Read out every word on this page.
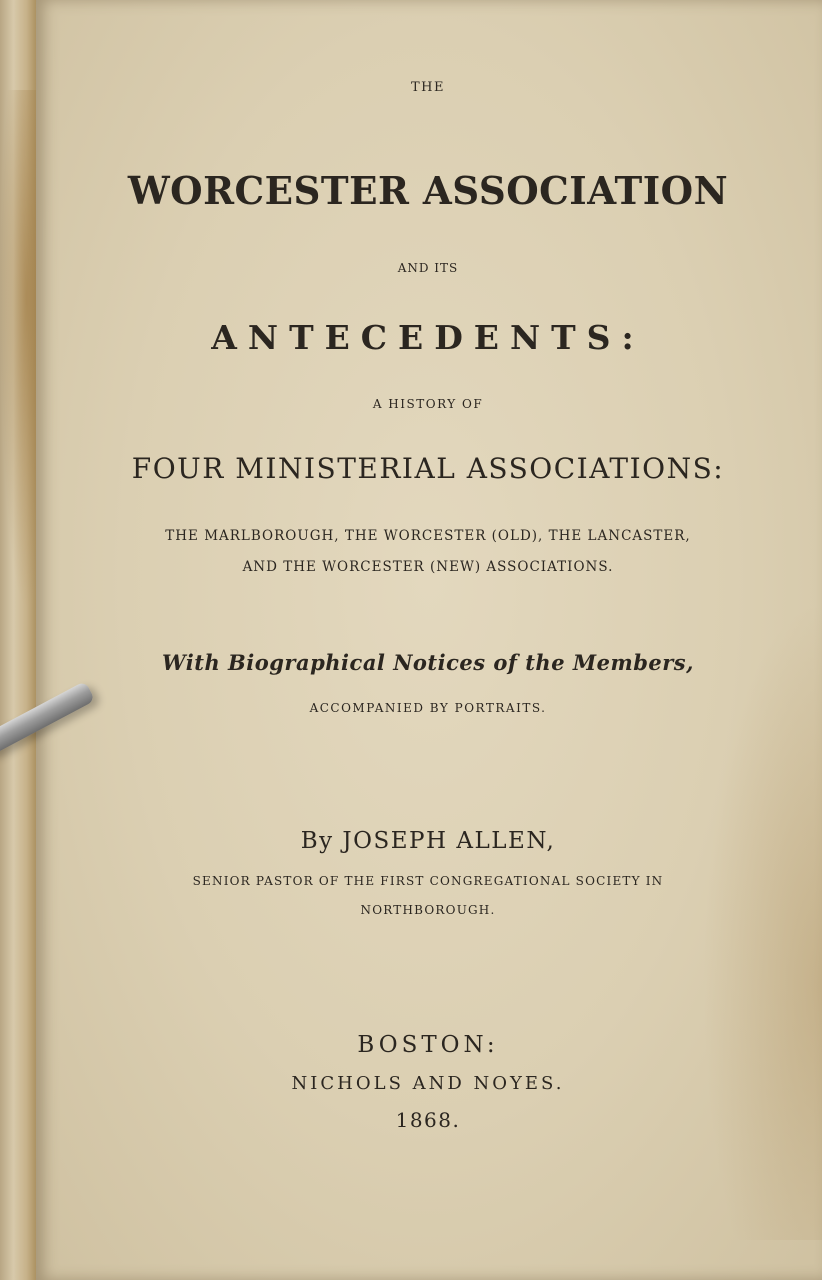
THE

WORCESTER ASSOCIATION

AND ITS

ANTECEDENTS:

A HISTORY OF

FOUR MINISTERIAL ASSOCIATIONS:

THE MARLBOROUGH, THE WORCESTER (OLD), THE LANCASTER,

AND THE WORCESTER (NEW) ASSOCIATIONS.

With Biographical Notices of the Members,

ACCOMPANIED BY PORTRAITS.

By JOSEPH ALLEN,

SENIOR PASTOR OF THE FIRST CONGREGATIONAL SOCIETY IN

NORTHBOROUGH.

BOSTON:

NICHOLS AND NOYES.

1868.
